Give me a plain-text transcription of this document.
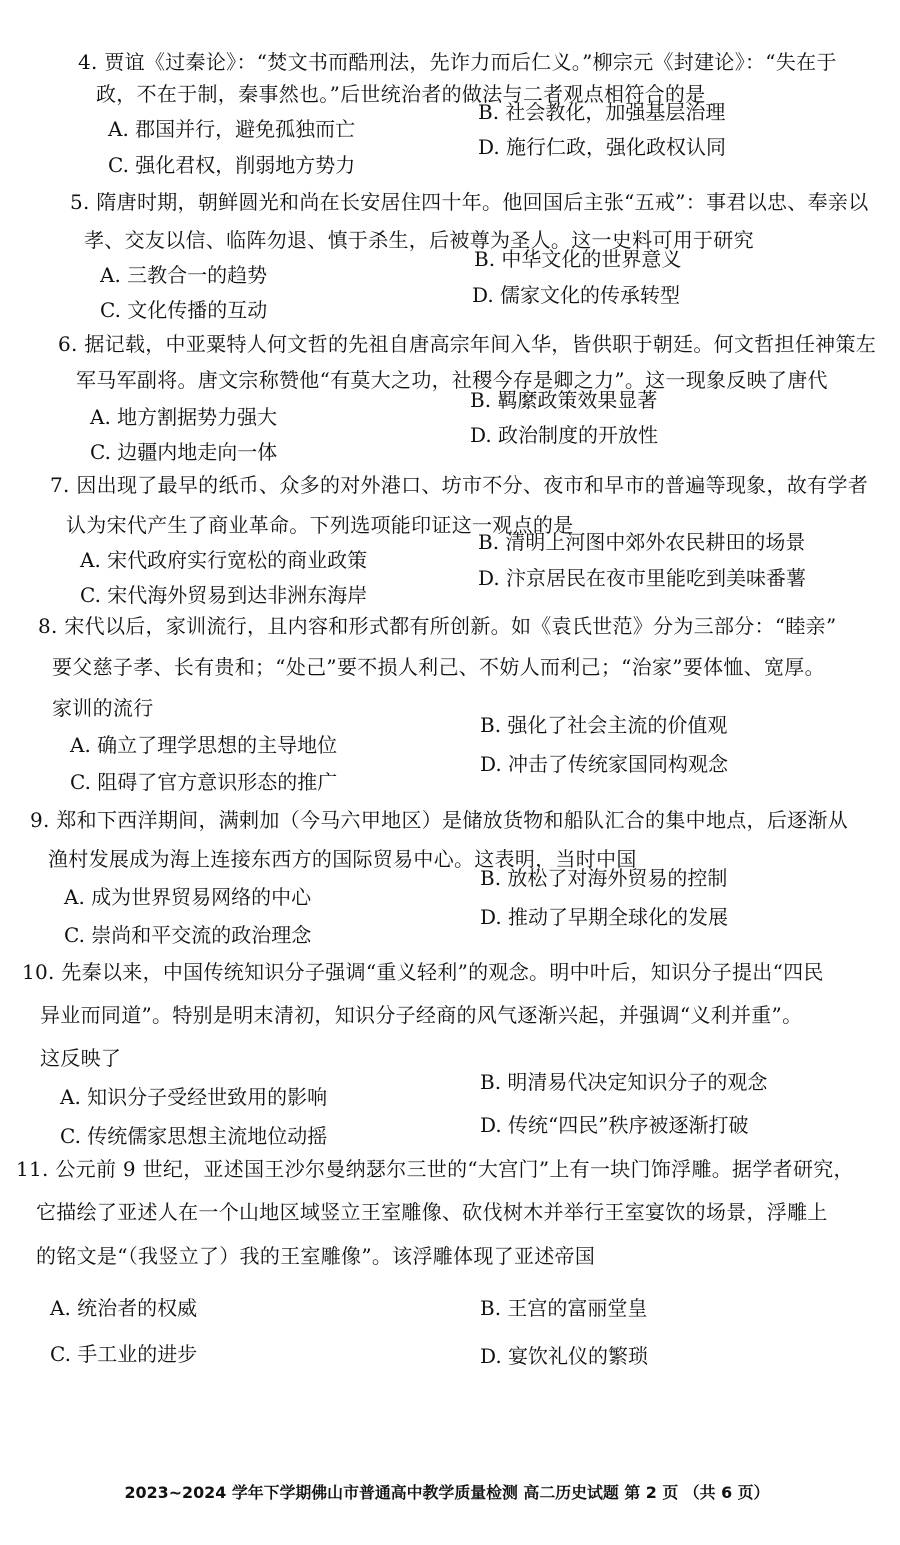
4. 贾谊《过秦论》：“焚文书而酷刑法，先诈力而后仁义。”柳宗元《封建论》：“失在于
政，不在于制，秦事然也。”后世统治者的做法与二者观点相符合的是
A. 郡国并行，避免孤独而亡
B. 社会教化，加强基层治理
C. 强化君权，削弱地方势力
D. 施行仁政，强化政权认同
5. 隋唐时期，朝鲜圆光和尚在长安居住四十年。他回国后主张“五戒”：事君以忠、奉亲以
孝、交友以信、临阵勿退、慎于杀生，后被尊为圣人。这一史料可用于研究
A. 三教合一的趋势
B. 中华文化的世界意义
C. 文化传播的互动
D. 儒家文化的传承转型
6. 据记载，中亚粟特人何文哲的先祖自唐高宗年间入华，皆供职于朝廷。何文哲担任神策左
军马军副将。唐文宗称赞他“有莫大之功，社稷今存是卿之力”。这一现象反映了唐代
A. 地方割据势力强大
B. 羁縻政策效果显著
C. 边疆内地走向一体
D. 政治制度的开放性
7. 因出现了最早的纸币、众多的对外港口、坊市不分、夜市和早市的普遍等现象，故有学者
认为宋代产生了商业革命。下列选项能印证这一观点的是
A. 宋代政府实行宽松的商业政策
B. 清明上河图中郊外农民耕田的场景
C. 宋代海外贸易到达非洲东海岸
D. 汴京居民在夜市里能吃到美味番薯
8. 宋代以后，家训流行，且内容和形式都有所创新。如《袁氏世范》分为三部分：“睦亲”
要父慈子孝、长有贵和；“处己”要不损人利己、不妨人而利己；“治家”要体恤、宽厚。
家训的流行
A. 确立了理学思想的主导地位
B. 强化了社会主流的价值观
C. 阻碍了官方意识形态的推广
D. 冲击了传统家国同构观念
9. 郑和下西洋期间，满剌加（今马六甲地区）是储放货物和船队汇合的集中地点，后逐渐从
渔村发展成为海上连接东西方的国际贸易中心。这表明，当时中国
A. 成为世界贸易网络的中心
B. 放松了对海外贸易的控制
C. 崇尚和平交流的政治理念
D. 推动了早期全球化的发展
10. 先秦以来，中国传统知识分子强调“重义轻利”的观念。明中叶后，知识分子提出“四民
异业而同道”。特别是明末清初，知识分子经商的风气逐渐兴起，并强调“义利并重”。
这反映了
A. 知识分子受经世致用的影响
B. 明清易代决定知识分子的观念
C. 传统儒家思想主流地位动摇	D. 传统“四民”秩序被逐渐打破
11. 公元前 9 世纪，亚述国王沙尔曼纳瑟尔三世的“大宫门”上有一块门饰浮雕。据学者研究，
它描绘了亚述人在一个山地区域竖立王室雕像、砍伐树木并举行王室宴饮的场景，浮雕上
的铭文是“（我竖立了）我的王室雕像”。该浮雕体现了亚述帝国
A. 统治者的权威	B. 王宫的富丽堂皇
C. 手工业的进步	D. 宴饮礼仪的繁琐
2023~2024 学年下学期佛山市普通高中教学质量检测 高二历史试题 第 2 页 （共 6 页）
